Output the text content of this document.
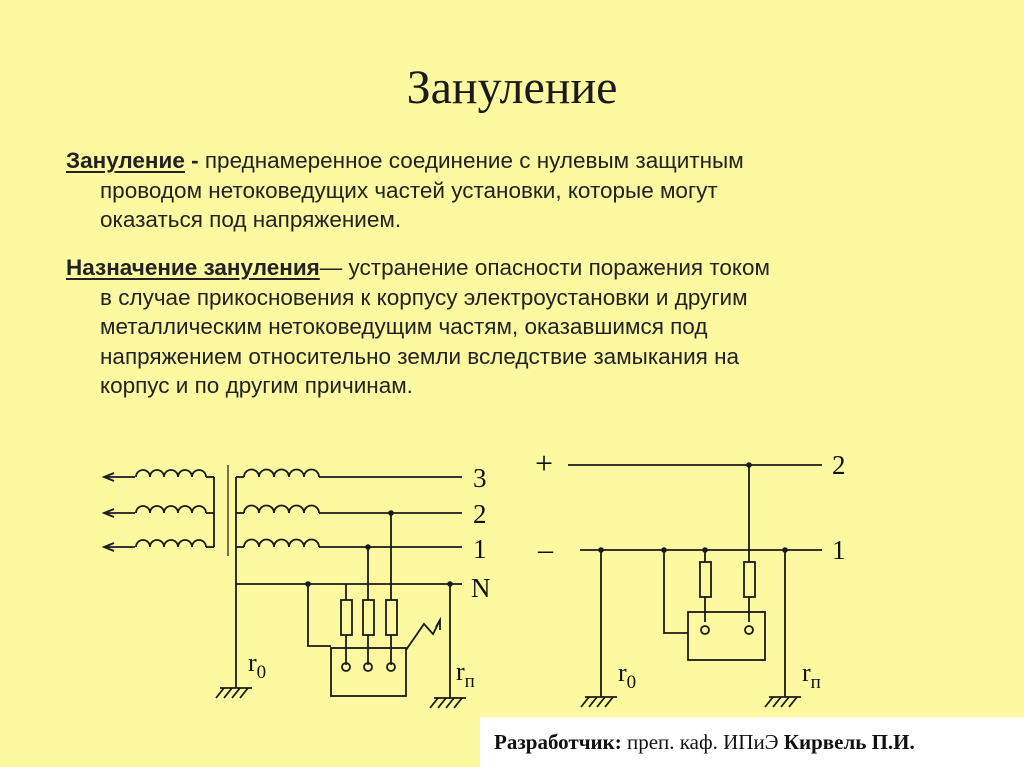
Зануление
Зануление - преднамеренное соединение с нулевым защитным
проводом нетоковедущих частей установки, которые могут
оказаться под напряжением.
Назначение зануления— устранение опасности поражения током
в случае прикосновения к корпусу электроустановки и другим
металлическим нетоковедущим частям, оказавшимся под
напряжением относительно земли вследствие замыкания на
корпус и по другим причинам.
3
2
1
N
$r_0$	$r_п$
+
–
2
1
$r_0$	$r_п$
Разработчик: преп. каф. ИПиЭ Кирвель П.И.
